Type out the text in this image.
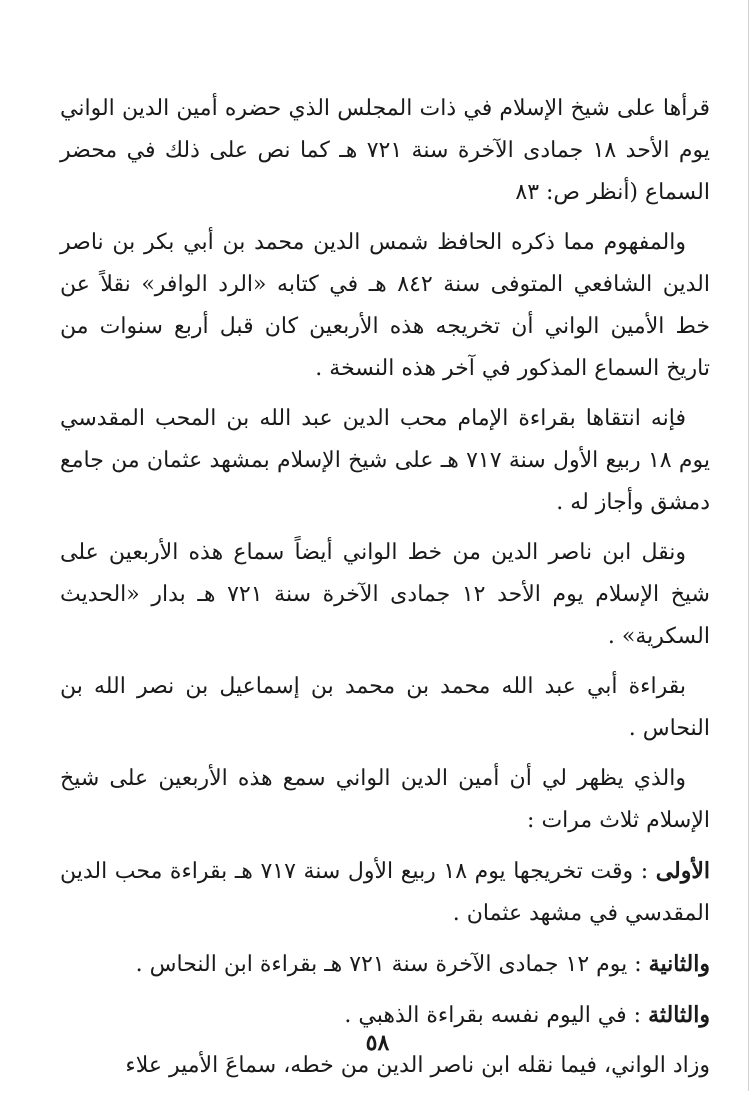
قرأها على شيخ الإسلام في ذات المجلس الذي حضره أمين الدين الواني يوم الأحد ١٨ جمادى الآخرة سنة ٧٢١ هـ كما نص على ذلك في محضر السماع (أنظر ص: ٨٣

والمفهوم مما ذكره الحافظ شمس الدين محمد بن أبي بكر بن ناصر الدين الشافعي المتوفى سنة ٨٤٢ هـ في كتابه «الرد الوافر» نقلاً عن خط الأمين الواني أن تخريجه هذه الأربعين كان قبل أربع سنوات من تاريخ السماع المذكور في آخر هذه النسخة .

فإنه انتقاها بقراءة الإمام محب الدين عبد الله بن المحب المقدسي يوم ١٨ ربيع الأول سنة ٧١٧ هـ على شيخ الإسلام بمشهد عثمان من جامع دمشق وأجاز له .

ونقل ابن ناصر الدين من خط الواني أيضاً سماع هذه الأربعين على شيخ الإسلام يوم الأحد ١٢ جمادى الآخرة سنة ٧٢١ هـ بدار «الحديث السكرية» .

بقراءة أبي عبد الله محمد بن محمد بن إسماعيل بن نصر الله بن النحاس .

والذي يظهر لي أن أمين الدين الواني سمع هذه الأربعين على شيخ الإسلام ثلاث مرات :

الأولى : وقت تخريجها يوم ١٨ ربيع الأول سنة ٧١٧ هـ بقراءة محب الدين المقدسي في مشهد عثمان .

والثانية : يوم ١٢ جمادى الآخرة سنة ٧٢١ هـ بقراءة ابن النحاس .

والثالثة : في اليوم نفسه بقراءة الذهبي .

وزاد الواني، فيما نقله ابن ناصر الدين من خطه، سماعَ الأمير علاء

٥٨
